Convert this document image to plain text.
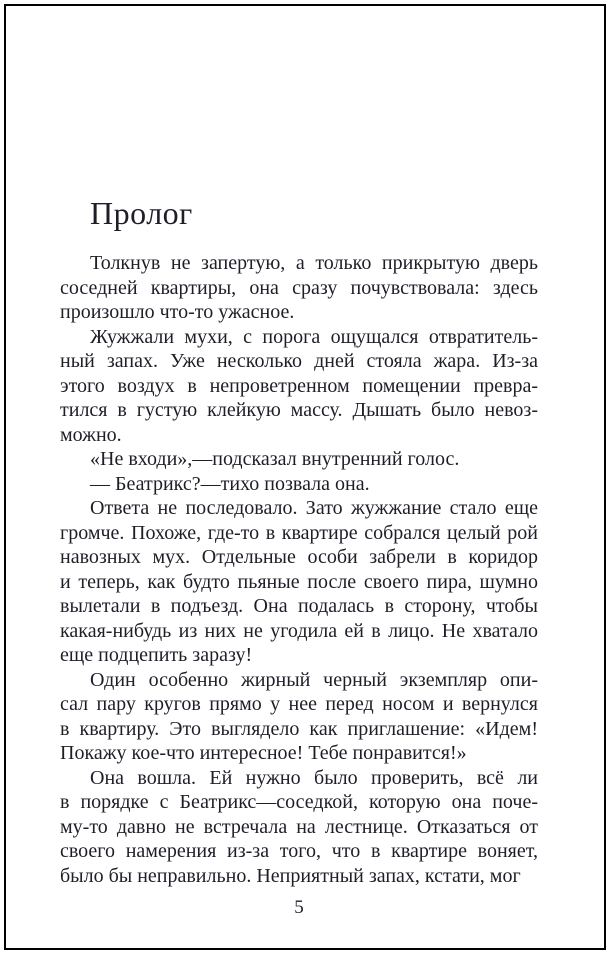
Пролог
Толкнув не запертую, а только прикрытую дверь
соседней квартиры, она сразу почувствовала: здесь
произошло что-то ужасное.
Жужжали мухи, с порога ощущался отвратитель-
ный запах. Уже несколько дней стояла жара. Из-за
этого воздух в непроветренном помещении превра-
тился в густую клейкую массу. Дышать было невоз-
можно.
«Не входи»,—подсказал внутренний голос.
— Беатрикс?—тихо позвала она.
Ответа не последовало. Зато жужжание стало еще
громче. Похоже, где-то в квартире собрался целый рой
навозных мух. Отдельные особи забрели в коридор
и теперь, как будто пьяные после своего пира, шумно
вылетали в подъезд. Она подалась в сторону, чтобы
какая-нибудь из них не угодила ей в лицо. Не хватало
еще подцепить заразу!
Один особенно жирный черный экземпляр опи-
сал пару кругов прямо у нее перед носом и вернулся
в квартиру. Это выглядело как приглашение: «Идем!
Покажу кое-что интересное! Тебе понравится!»
Она вошла. Ей нужно было проверить, всё ли
в порядке с Беатрикс—соседкой, которую она поче-
му-то давно не встречала на лестнице. Отказаться от
своего намерения из-за того, что в квартире воняет,
было бы неправильно. Неприятный запах, кстати, мог
5
